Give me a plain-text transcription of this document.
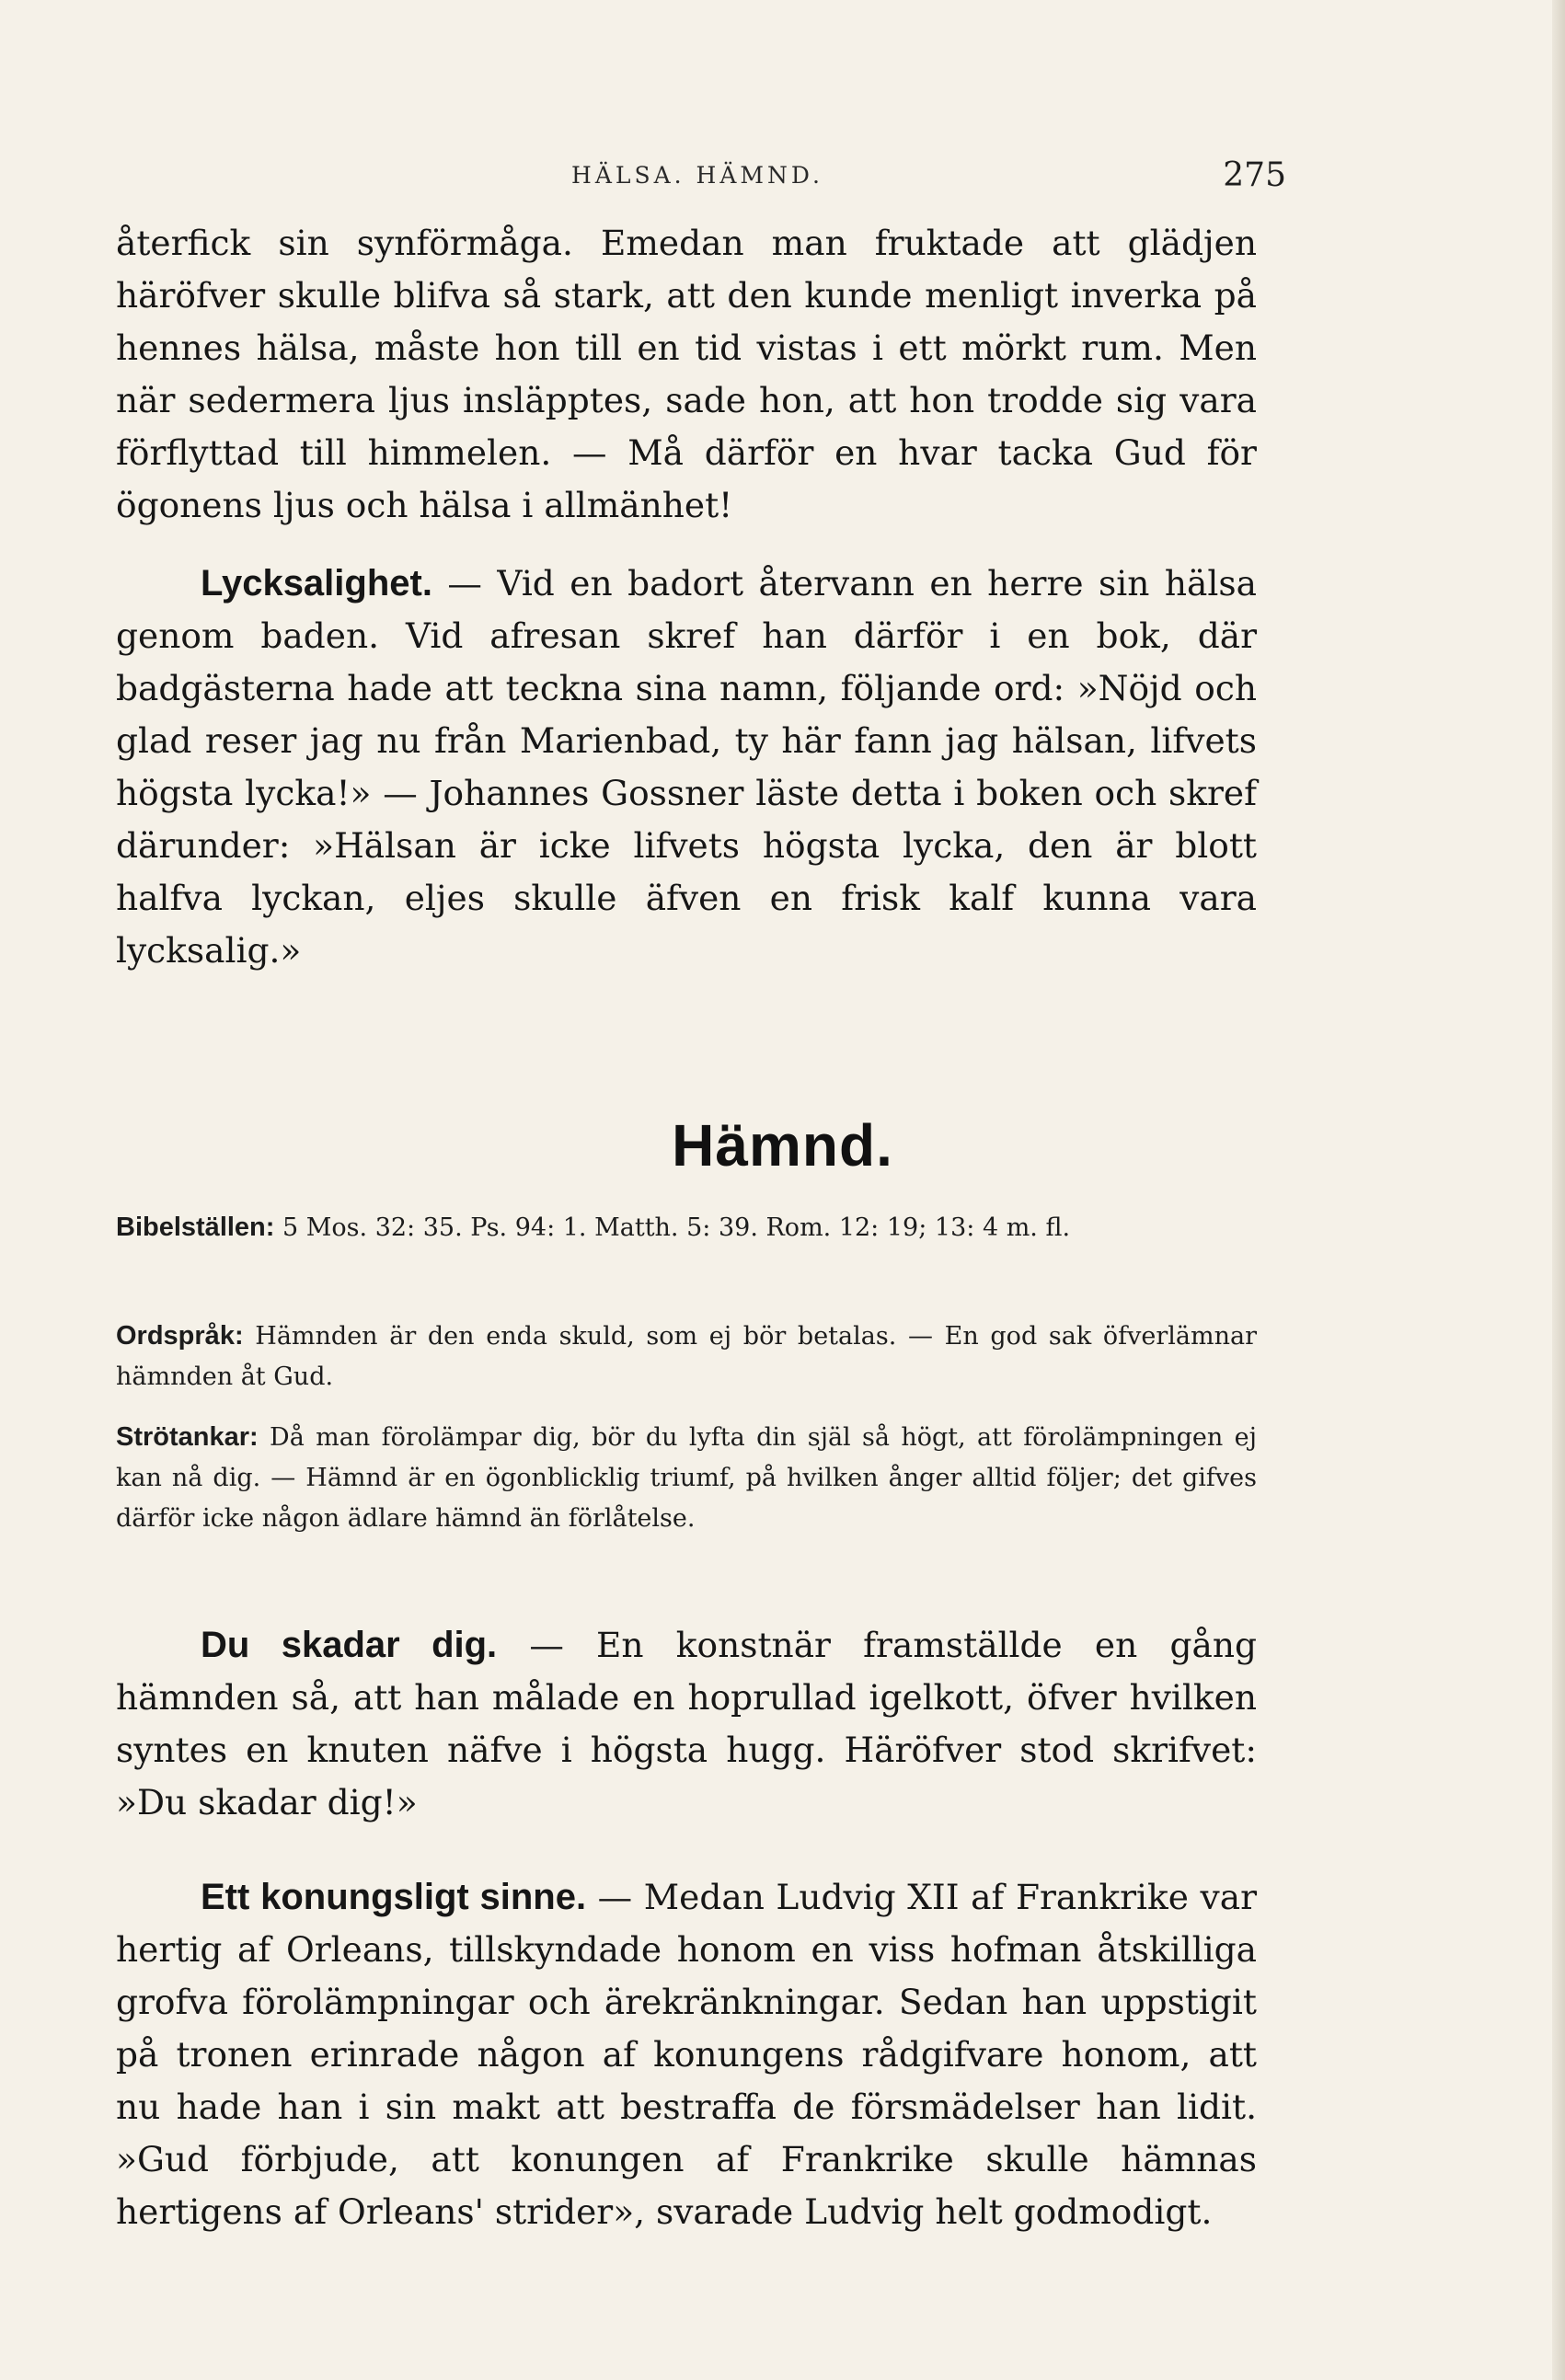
HÄLSA. HÄMND.	275

återfick sin synförmåga. Emedan man fruktade att glädjen häröfver skulle blifva så stark, att den kunde menligt inverka på hennes hälsa, måste hon till en tid vistas i ett mörkt rum. Men när sedermera ljus insläpptes, sade hon, att hon trodde sig vara förflyttad till himmelen. — Må därför en hvar tacka Gud för ögonens ljus och hälsa i allmänhet!

Lycksalighet. — Vid en badort återvann en herre sin hälsa genom baden. Vid afresan skref han därför i en bok, där badgästerna hade att teckna sina namn, följande ord: »Nöjd och glad reser jag nu från Marienbad, ty här fann jag hälsan, lifvets högsta lycka!» — Johannes Gossner läste detta i boken och skref därunder: »Hälsan är icke lifvets högsta lycka, den är blott halfva lyckan, eljes skulle äfven en frisk kalf kunna vara lycksalig.»

Hämnd.
Bibelställen: 5 Mos. 32: 35. Ps. 94: 1. Matth. 5: 39. Rom. 12: 19; 13: 4 m. fl.
Ordspråk: Hämnden är den enda skuld, som ej bör betalas. — En god sak öfverlämnar hämnden åt Gud.
Strötankar: Då man förolämpar dig, bör du lyfta din själ så högt, att förolämpningen ej kan nå dig. — Hämnd är en ögonblicklig triumf, på hvilken ånger alltid följer; det gifves därför icke någon ädlare hämnd än förlåtelse.

Du skadar dig. — En konstnär framställde en gång hämnden så, att han målade en hoprullad igelkott, öfver hvilken syntes en knuten näfve i högsta hugg. Häröfver stod skrifvet: »Du skadar dig!»

Ett konungsligt sinne. — Medan Ludvig XII af Frankrike var hertig af Orleans, tillskyndade honom en viss hofman åtskilliga grofva förolämpningar och ärekränkningar. Sedan han uppstigit på tronen erinrade någon af konungens rådgifvare honom, att nu hade han i sin makt att bestraffa de försmädelser han lidit. »Gud förbjude, att konungen af Frankrike skulle hämnas hertigens af Orleans' strider», svarade Ludvig helt godmodigt.
